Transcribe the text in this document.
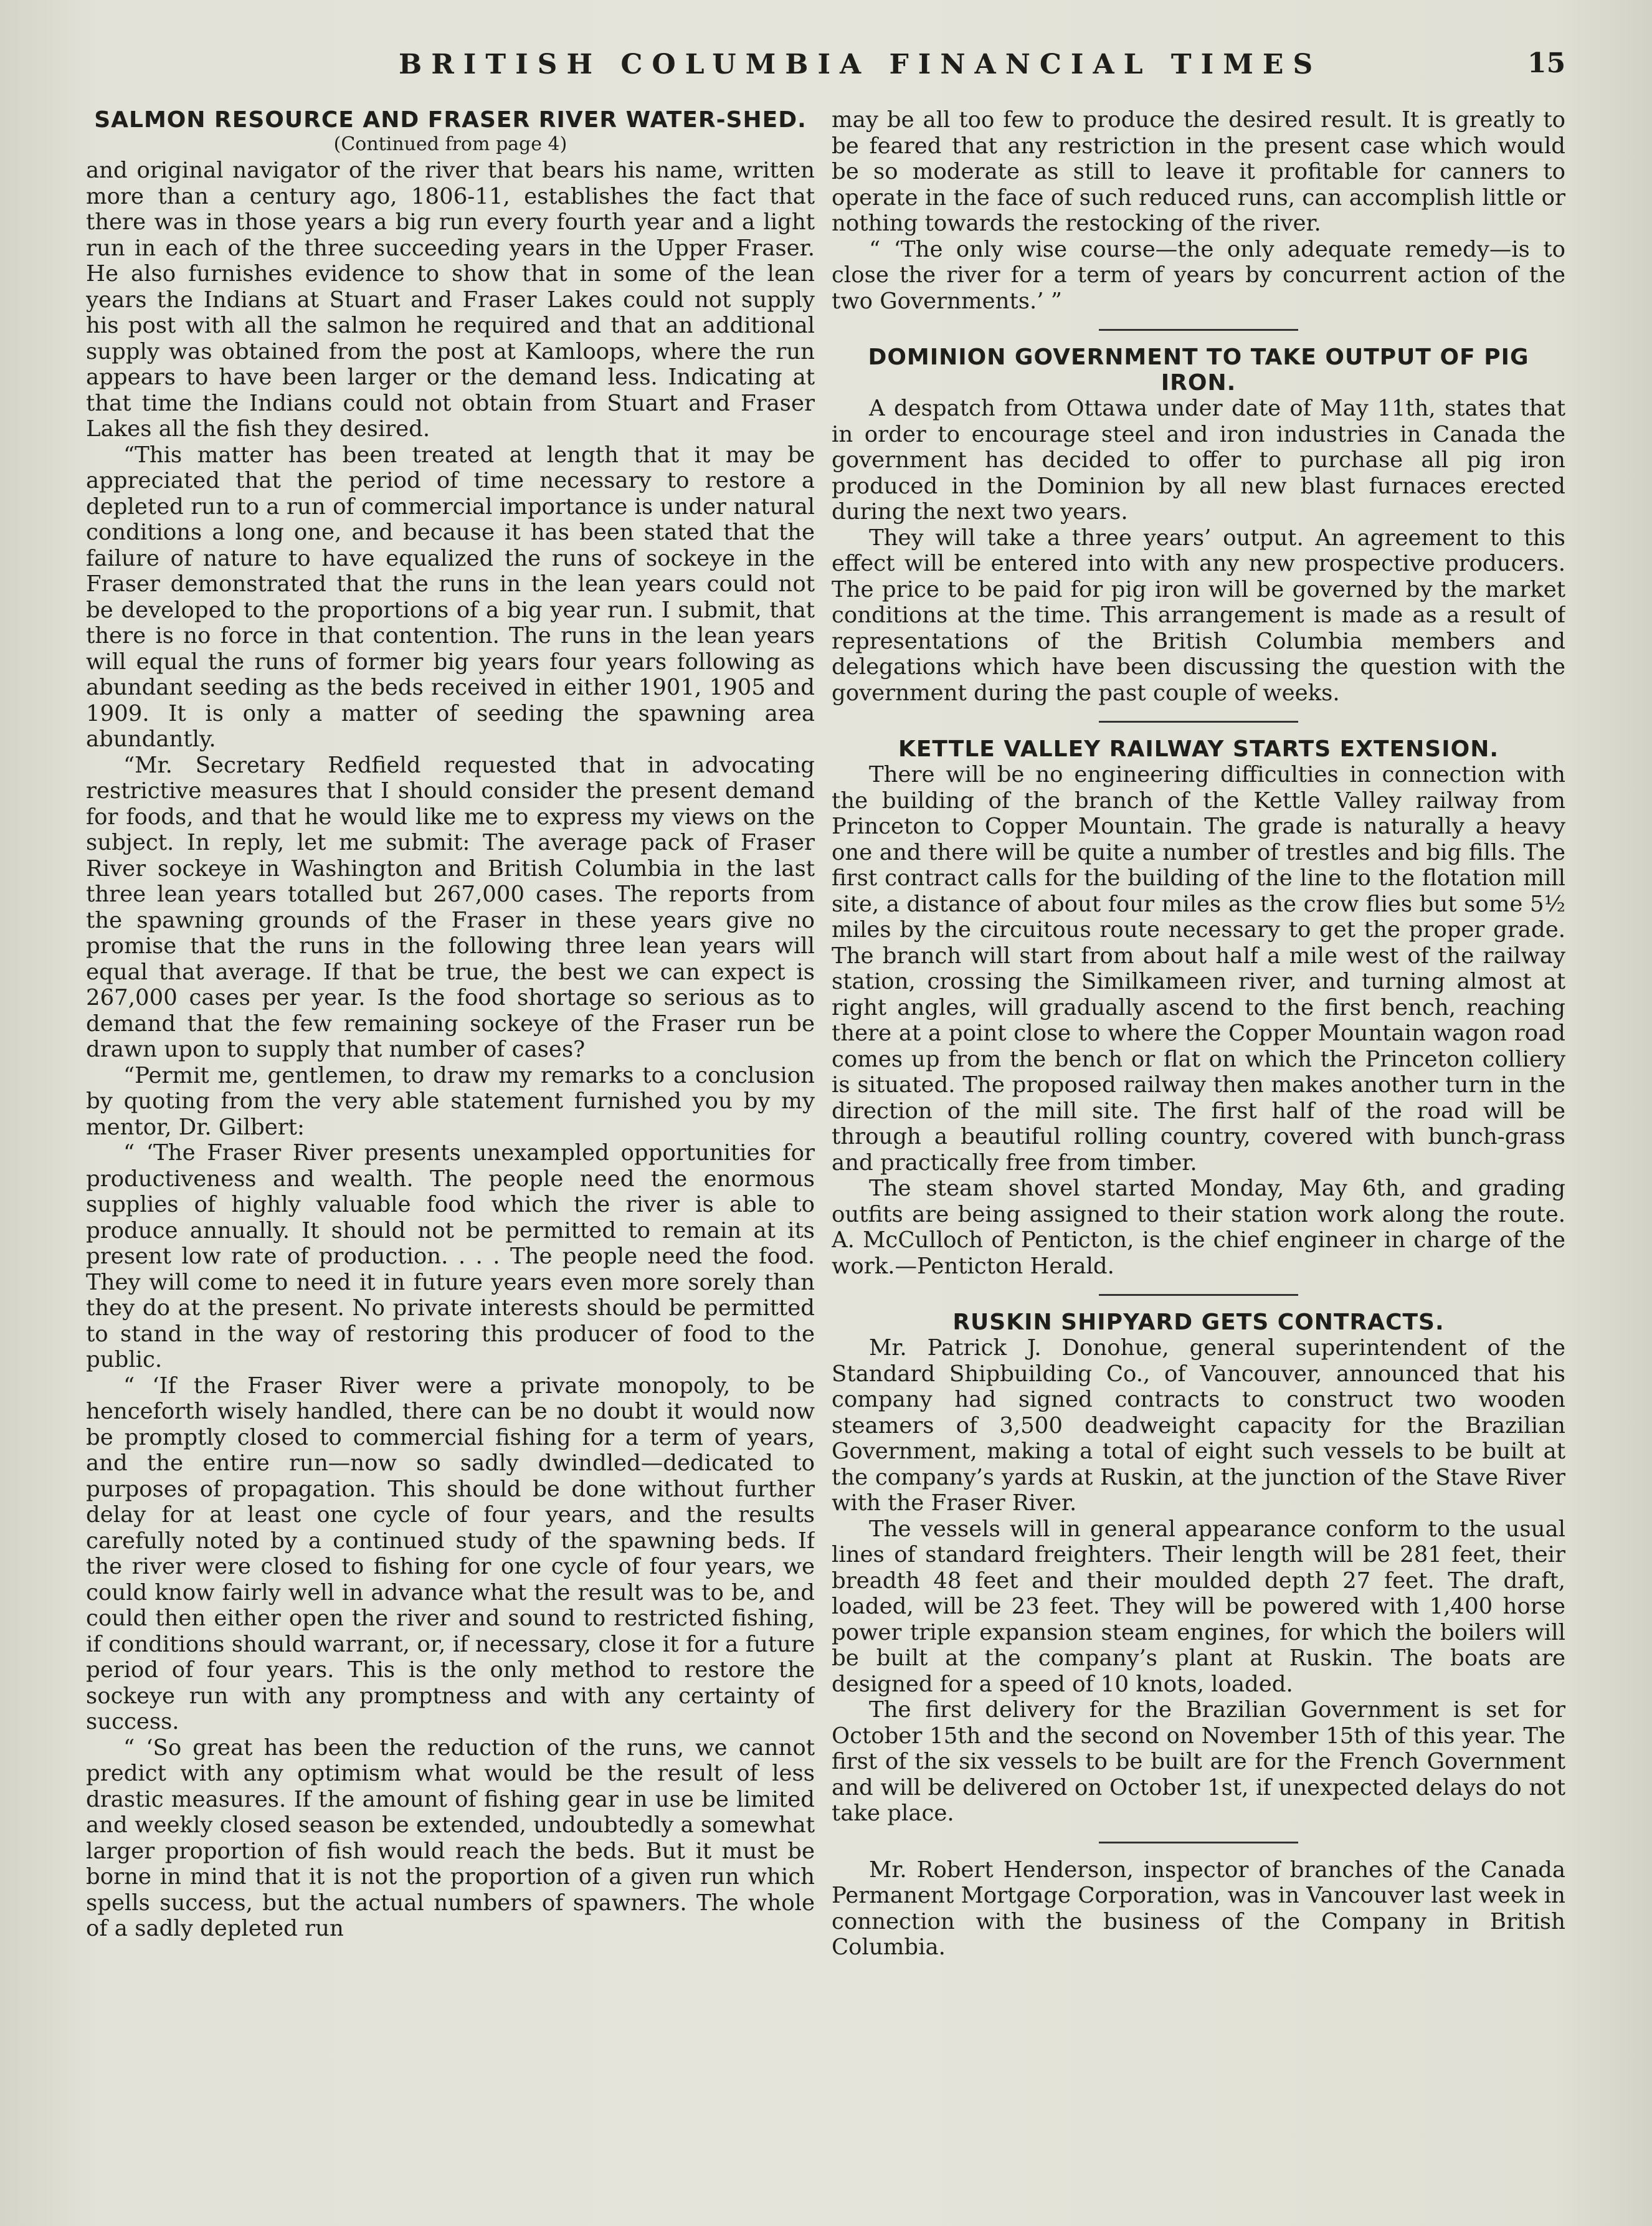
BRITISH COLUMBIA FINANCIAL TIMES	15
SALMON RESOURCE AND FRASER RIVER WATER-SHED.
(Continued from page 4)

and original navigator of the river that bears his name, written more than a century ago, 1806-11, establishes the fact that there was in those years a big run every fourth year and a light run in each of the three succeeding years in the Upper Fraser. He also furnishes evidence to show that in some of the lean years the Indians at Stuart and Fraser Lakes could not supply his post with all the salmon he required and that an additional supply was obtained from the post at Kamloops, where the run appears to have been larger or the demand less. Indicating at that time the Indians could not obtain from Stuart and Fraser Lakes all the fish they desired.

“This matter has been treated at length that it may be appreciated that the period of time necessary to restore a depleted run to a run of commercial importance is under natural conditions a long one, and because it has been stated that the failure of nature to have equalized the runs of sockeye in the Fraser demonstrated that the runs in the lean years could not be developed to the proportions of a big year run. I submit, that there is no force in that contention. The runs in the lean years will equal the runs of former big years four years following as abundant seeding as the beds received in either 1901, 1905 and 1909. It is only a matter of seeding the spawning area abundantly.

“Mr. Secretary Redfield requested that in advocating restrictive measures that I should consider the present demand for foods, and that he would like me to express my views on the subject. In reply, let me submit: The average pack of Fraser River sockeye in Washington and British Columbia in the last three lean years totalled but 267,000 cases. The reports from the spawning grounds of the Fraser in these years give no promise that the runs in the following three lean years will equal that average. If that be true, the best we can expect is 267,000 cases per year. Is the food shortage so serious as to demand that the few remaining sockeye of the Fraser run be drawn upon to supply that number of cases?

“Permit me, gentlemen, to draw my remarks to a conclusion by quoting from the very able statement furnished you by my mentor, Dr. Gilbert:

“ ‘The Fraser River presents unexampled opportunities for productiveness and wealth. The people need the enormous supplies of highly valuable food which the river is able to produce annually. It should not be permitted to remain at its present low rate of production. . . . The people need the food. They will come to need it in future years even more sorely than they do at the present. No private interests should be permitted to stand in the way of restoring this producer of food to the public.

“ ‘If the Fraser River were a private monopoly, to be henceforth wisely handled, there can be no doubt it would now be promptly closed to commercial fishing for a term of years, and the entire run—now so sadly dwindled—dedicated to purposes of propagation. This should be done without further delay for at least one cycle of four years, and the results carefully noted by a continued study of the spawning beds. If the river were closed to fishing for one cycle of four years, we could know fairly well in advance what the result was to be, and could then either open the river and sound to restricted fishing, if conditions should warrant, or, if necessary, close it for a future period of four years. This is the only method to restore the sockeye run with any promptness and with any certainty of success.

“ ‘So great has been the reduction of the runs, we cannot predict with any optimism what would be the result of less drastic measures. If the amount of fishing gear in use be limited and weekly closed season be extended, undoubtedly a somewhat larger proportion of fish would reach the beds. But it must be borne in mind that it is not the proportion of a given run which spells success, but the actual numbers of spawners. The whole of a sadly depleted run

may be all too few to produce the desired result. It is greatly to be feared that any restriction in the present case which would be so moderate as still to leave it profitable for canners to operate in the face of such reduced runs, can accomplish little or nothing towards the restocking of the river.

“ ‘The only wise course—the only adequate remedy—is to close the river for a term of years by concurrent action of the two Governments.’ ”

DOMINION GOVERNMENT TO TAKE OUTPUT OF PIG IRON.

A despatch from Ottawa under date of May 11th, states that in order to encourage steel and iron industries in Canada the government has decided to offer to purchase all pig iron produced in the Dominion by all new blast furnaces erected during the next two years.

They will take a three years’ output. An agreement to this effect will be entered into with any new prospective producers. The price to be paid for pig iron will be governed by the market conditions at the time. This arrangement is made as a result of representations of the British Columbia members and delegations which have been discussing the question with the government during the past couple of weeks.

KETTLE VALLEY RAILWAY STARTS EXTENSION.

There will be no engineering difficulties in connection with the building of the branch of the Kettle Valley railway from Princeton to Copper Mountain. The grade is naturally a heavy one and there will be quite a number of trestles and big fills. The first contract calls for the building of the line to the flotation mill site, a distance of about four miles as the crow flies but some 5½ miles by the circuitous route necessary to get the proper grade. The branch will start from about half a mile west of the railway station, crossing the Similkameen river, and turning almost at right angles, will gradually ascend to the first bench, reaching there at a point close to where the Copper Mountain wagon road comes up from the bench or flat on which the Princeton colliery is situated. The proposed railway then makes another turn in the direction of the mill site. The first half of the road will be through a beautiful rolling country, covered with bunch-grass and practically free from timber.

The steam shovel started Monday, May 6th, and grading outfits are being assigned to their station work along the route. A. McCulloch of Penticton, is the chief engineer in charge of the work.—Penticton Herald.

RUSKIN SHIPYARD GETS CONTRACTS.

Mr. Patrick J. Donohue, general superintendent of the Standard Shipbuilding Co., of Vancouver, announced that his company had signed contracts to construct two wooden steamers of 3,500 deadweight capacity for the Brazilian Government, making a total of eight such vessels to be built at the company’s yards at Ruskin, at the junction of the Stave River with the Fraser River.

The vessels will in general appearance conform to the usual lines of standard freighters. Their length will be 281 feet, their breadth 48 feet and their moulded depth 27 feet. The draft, loaded, will be 23 feet. They will be powered with 1,400 horse power triple expansion steam engines, for which the boilers will be built at the company’s plant at Ruskin. The boats are designed for a speed of 10 knots, loaded.

The first delivery for the Brazilian Government is set for October 15th and the second on November 15th of this year. The first of the six vessels to be built are for the French Government and will be delivered on October 1st, if unexpected delays do not take place.

Mr. Robert Henderson, inspector of branches of the Canada Permanent Mortgage Corporation, was in Vancouver last week in connection with the business of the Company in British Columbia.
